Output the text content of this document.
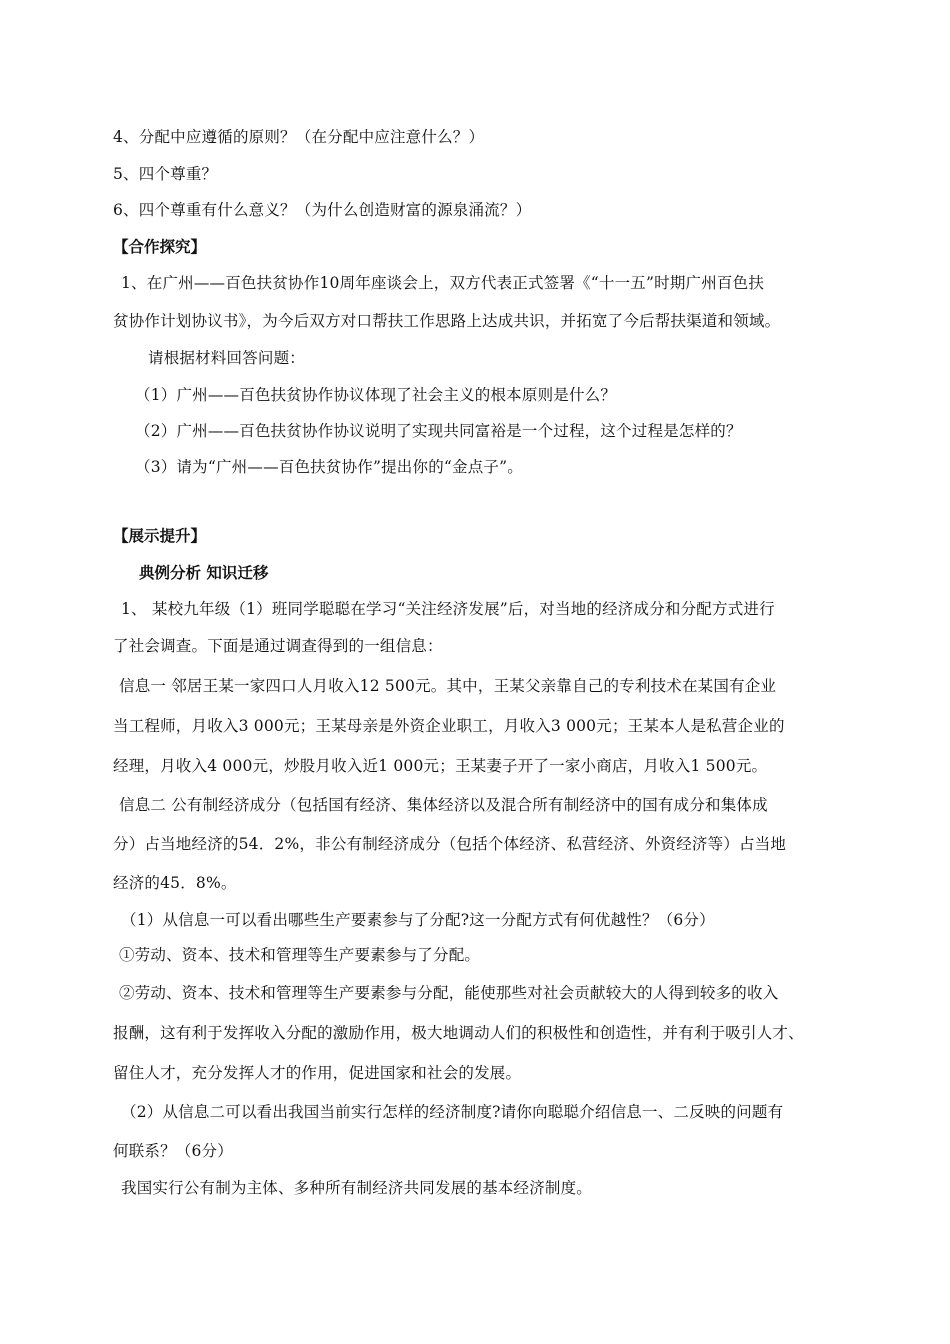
4、分配中应遵循的原则？（在分配中应注意什么？）
5、四个尊重？
6、四个尊重有什么意义？（为什么创造财富的源泉涌流？）
【合作探究】
1、在广州——百色扶贫协作10周年座谈会上，双方代表正式签署《“十一五”时期广州百色扶
贫协作计划协议书》，为今后双方对口帮扶工作思路上达成共识，并拓宽了今后帮扶渠道和领域。
请根据材料回答问题：
（1）广州——百色扶贫协作协议体现了社会主义的根本原则是什么？
（2）广州——百色扶贫协作协议说明了实现共同富裕是一个过程，这个过程是怎样的？
（3）请为“广州——百色扶贫协作”提出你的“金点子”。
【展示提升】
典例分析 知识迁移
1、 某校九年级（1）班同学聪聪在学习“关注经济发展”后，对当地的经济成分和分配方式进行
了社会调查。下面是通过调查得到的一组信息：
信息一 邻居王某一家四口人月收入12 500元。其中，王某父亲靠自己的专利技术在某国有企业
当工程师，月收入3 000元；王某母亲是外资企业职工，月收入3 000元；王某本人是私营企业的
经理，月收入4 000元，炒股月收入近1 000元；王某妻子开了一家小商店，月收入1 500元。
信息二 公有制经济成分（包括国有经济、集体经济以及混合所有制经济中的国有成分和集体成
分）占当地经济的54．2%，非公有制经济成分（包括个体经济、私营经济、外资经济等）占当地
经济的45．8%。
（1）从信息一可以看出哪些生产要素参与了分配?这一分配方式有何优越性？（6分）
①劳动、资本、技术和管理等生产要素参与了分配。
②劳动、资本、技术和管理等生产要素参与分配，能使那些对社会贡献较大的人得到较多的收入
报酬，这有利于发挥收入分配的激励作用，极大地调动人们的积极性和创造性，并有利于吸引人才、
留住人才，充分发挥人才的作用，促进国家和社会的发展。
（2）从信息二可以看出我国当前实行怎样的经济制度?请你向聪聪介绍信息一、二反映的问题有
何联系？（6分）
我国实行公有制为主体、多种所有制经济共同发展的基本经济制度。
